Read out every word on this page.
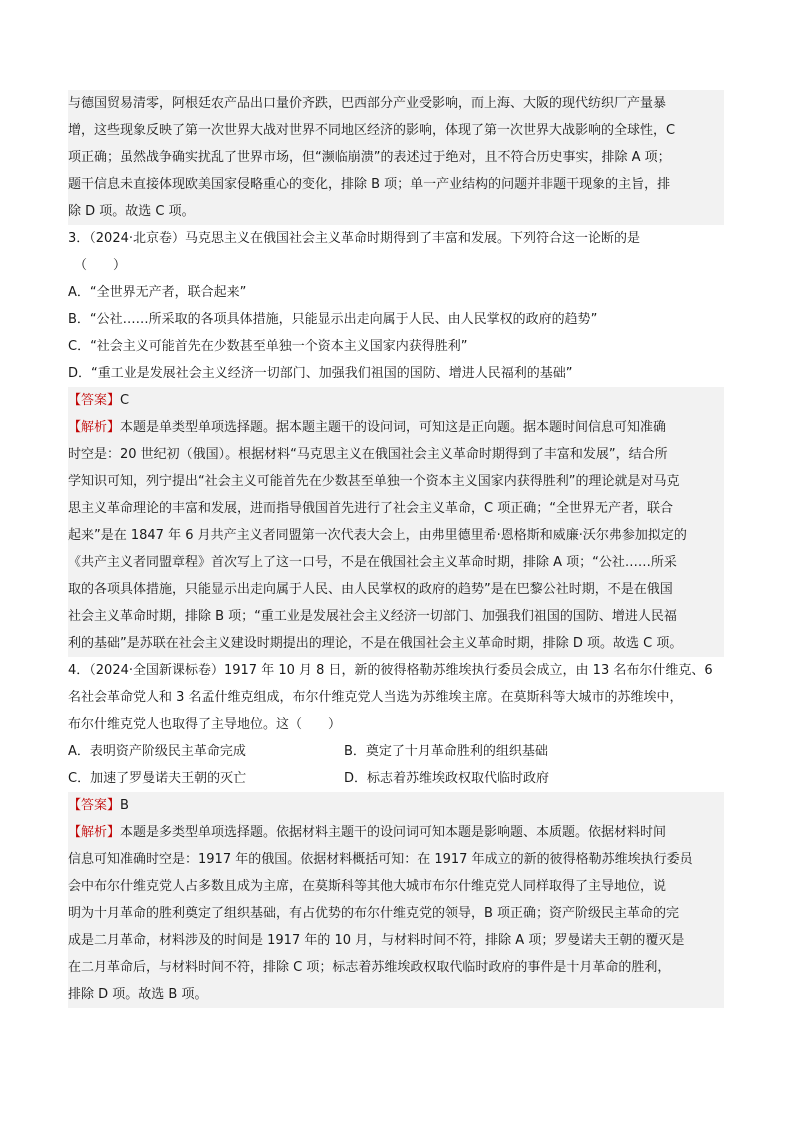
与德国贸易清零，阿根廷农产品出口量价齐跌，巴西部分产业受影响，而上海、大阪的现代纺织厂产量暴
增，这些现象反映了第一次世界大战对世界不同地区经济的影响，体现了第一次世界大战影响的全球性，C
项正确；虽然战争确实扰乱了世界市场，但“濒临崩溃”的表述过于绝对，且不符合历史事实，排除 A 项；
题干信息未直接体现欧美国家侵略重心的变化，排除 B 项；单一产业结构的问题并非题干现象的主旨，排
除 D 项。故选 C 项。
3．（2024·北京卷）马克思主义在俄国社会主义革命时期得到了丰富和发展。下列符合这一论断的是
（　　）
A．“全世界无产者，联合起来”
B．“公社……所采取的各项具体措施，只能显示出走向属于人民、由人民掌权的政府的趋势”
C．“社会主义可能首先在少数甚至单独一个资本主义国家内获得胜利”
D．“重工业是发展社会主义经济一切部门、加强我们祖国的国防、增进人民福利的基础”
【答案】C
【解析】本题是单类型单项选择题。据本题主题干的设问词，可知这是正向题。据本题时间信息可知准确
时空是：20 世纪初（俄国）。根据材料“马克思主义在俄国社会主义革命时期得到了丰富和发展”，结合所
学知识可知，列宁提出“社会主义可能首先在少数甚至单独一个资本主义国家内获得胜利”的理论就是对马克
思主义革命理论的丰富和发展，进而指导俄国首先进行了社会主义革命，C 项正确；“全世界无产者，联合
起来”是在 1847 年 6 月共产主义者同盟第一次代表大会上，由弗里德里希·恩格斯和威廉·沃尔弗参加拟定的
《共产主义者同盟章程》首次写上了这一口号，不是在俄国社会主义革命时期，排除 A 项；“公社……所采
取的各项具体措施，只能显示出走向属于人民、由人民掌权的政府的趋势”是在巴黎公社时期，不是在俄国
社会主义革命时期，排除 B 项；“重工业是发展社会主义经济一切部门、加强我们祖国的国防、增进人民福
利的基础”是苏联在社会主义建设时期提出的理论，不是在俄国社会主义革命时期，排除 D 项。故选 C 项。
4．（2024·全国新课标卷）1917 年 10 月 8 日，新的彼得格勒苏维埃执行委员会成立，由 13 名布尔什维克、6
名社会革命党人和 3 名孟什维克组成，布尔什维克党人当选为苏维埃主席。在莫斯科等大城市的苏维埃中，
布尔什维克党人也取得了主导地位。这（　　）
A．表明资产阶级民主革命完成	B．奠定了十月革命胜利的组织基础
C．加速了罗曼诺夫王朝的灭亡	D．标志着苏维埃政权取代临时政府
【答案】B
【解析】本题是多类型单项选择题。依据材料主题干的设问词可知本题是影响题、本质题。依据材料时间
信息可知准确时空是：1917 年的俄国。依据材料概括可知：在 1917 年成立的新的彼得格勒苏维埃执行委员
会中布尔什维克党人占多数且成为主席，在莫斯科等其他大城市布尔什维克党人同样取得了主导地位，说
明为十月革命的胜利奠定了组织基础，有占优势的布尔什维克党的领导，B 项正确；资产阶级民主革命的完
成是二月革命，材料涉及的时间是 1917 年的 10 月，与材料时间不符，排除 A 项；罗曼诺夫王朝的覆灭是
在二月革命后，与材料时间不符，排除 C 项；标志着苏维埃政权取代临时政府的事件是十月革命的胜利，
排除 D 项。故选 B 项。
